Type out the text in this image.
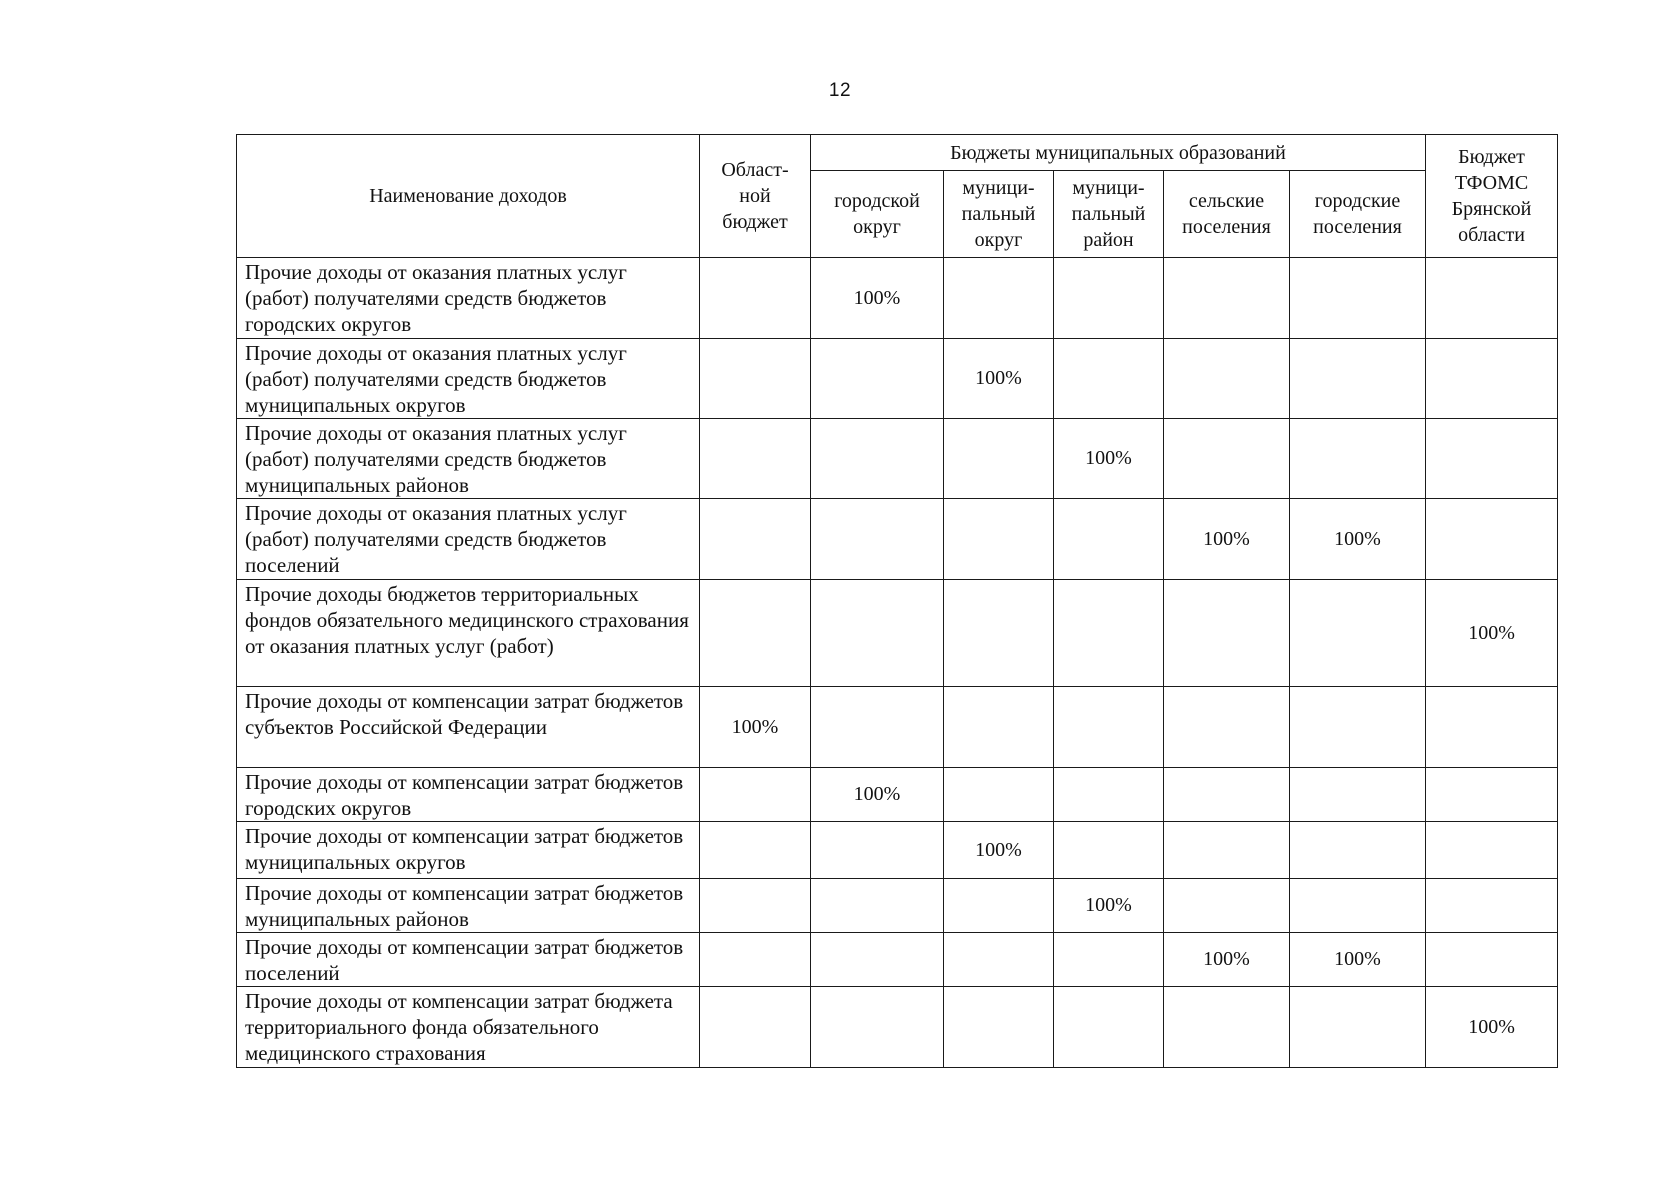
12
Наименование доходов	Област-
ной
бюджет	Бюджеты муниципальных образований					Бюджет
ТФОМС
Брянской
области
		городской
округ	муници-
пальный
округ	муници-
пальный
район	сельские
поселения	городские
поселения	
Прочие доходы от оказания платных услуг (работ) получателями средств бюджетов городских округов		100%					
Прочие доходы от оказания платных услуг (работ) получателями средств бюджетов муниципальных округов			100%				
Прочие доходы от оказания платных услуг (работ) получателями средств бюджетов муниципальных районов				100%			
Прочие доходы от оказания платных услуг (работ) получателями средств бюджетов поселений					100%	100%	
Прочие доходы бюджетов территориальных фондов обязательного медицинского страхования от оказания платных услуг (работ)							100%
Прочие доходы от компенсации затрат бюджетов субъектов Российской Федерации	100%						
Прочие доходы от компенсации затрат бюджетов городских округов		100%					
Прочие доходы от компенсации затрат бюджетов муниципальных округов			100%				
Прочие доходы от компенсации затрат бюджетов муниципальных районов				100%			
Прочие доходы от компенсации затрат бюджетов поселений					100%	100%	
Прочие доходы от компенсации затрат бюджета территориального фонда обязательного медицинского страхования							100%
